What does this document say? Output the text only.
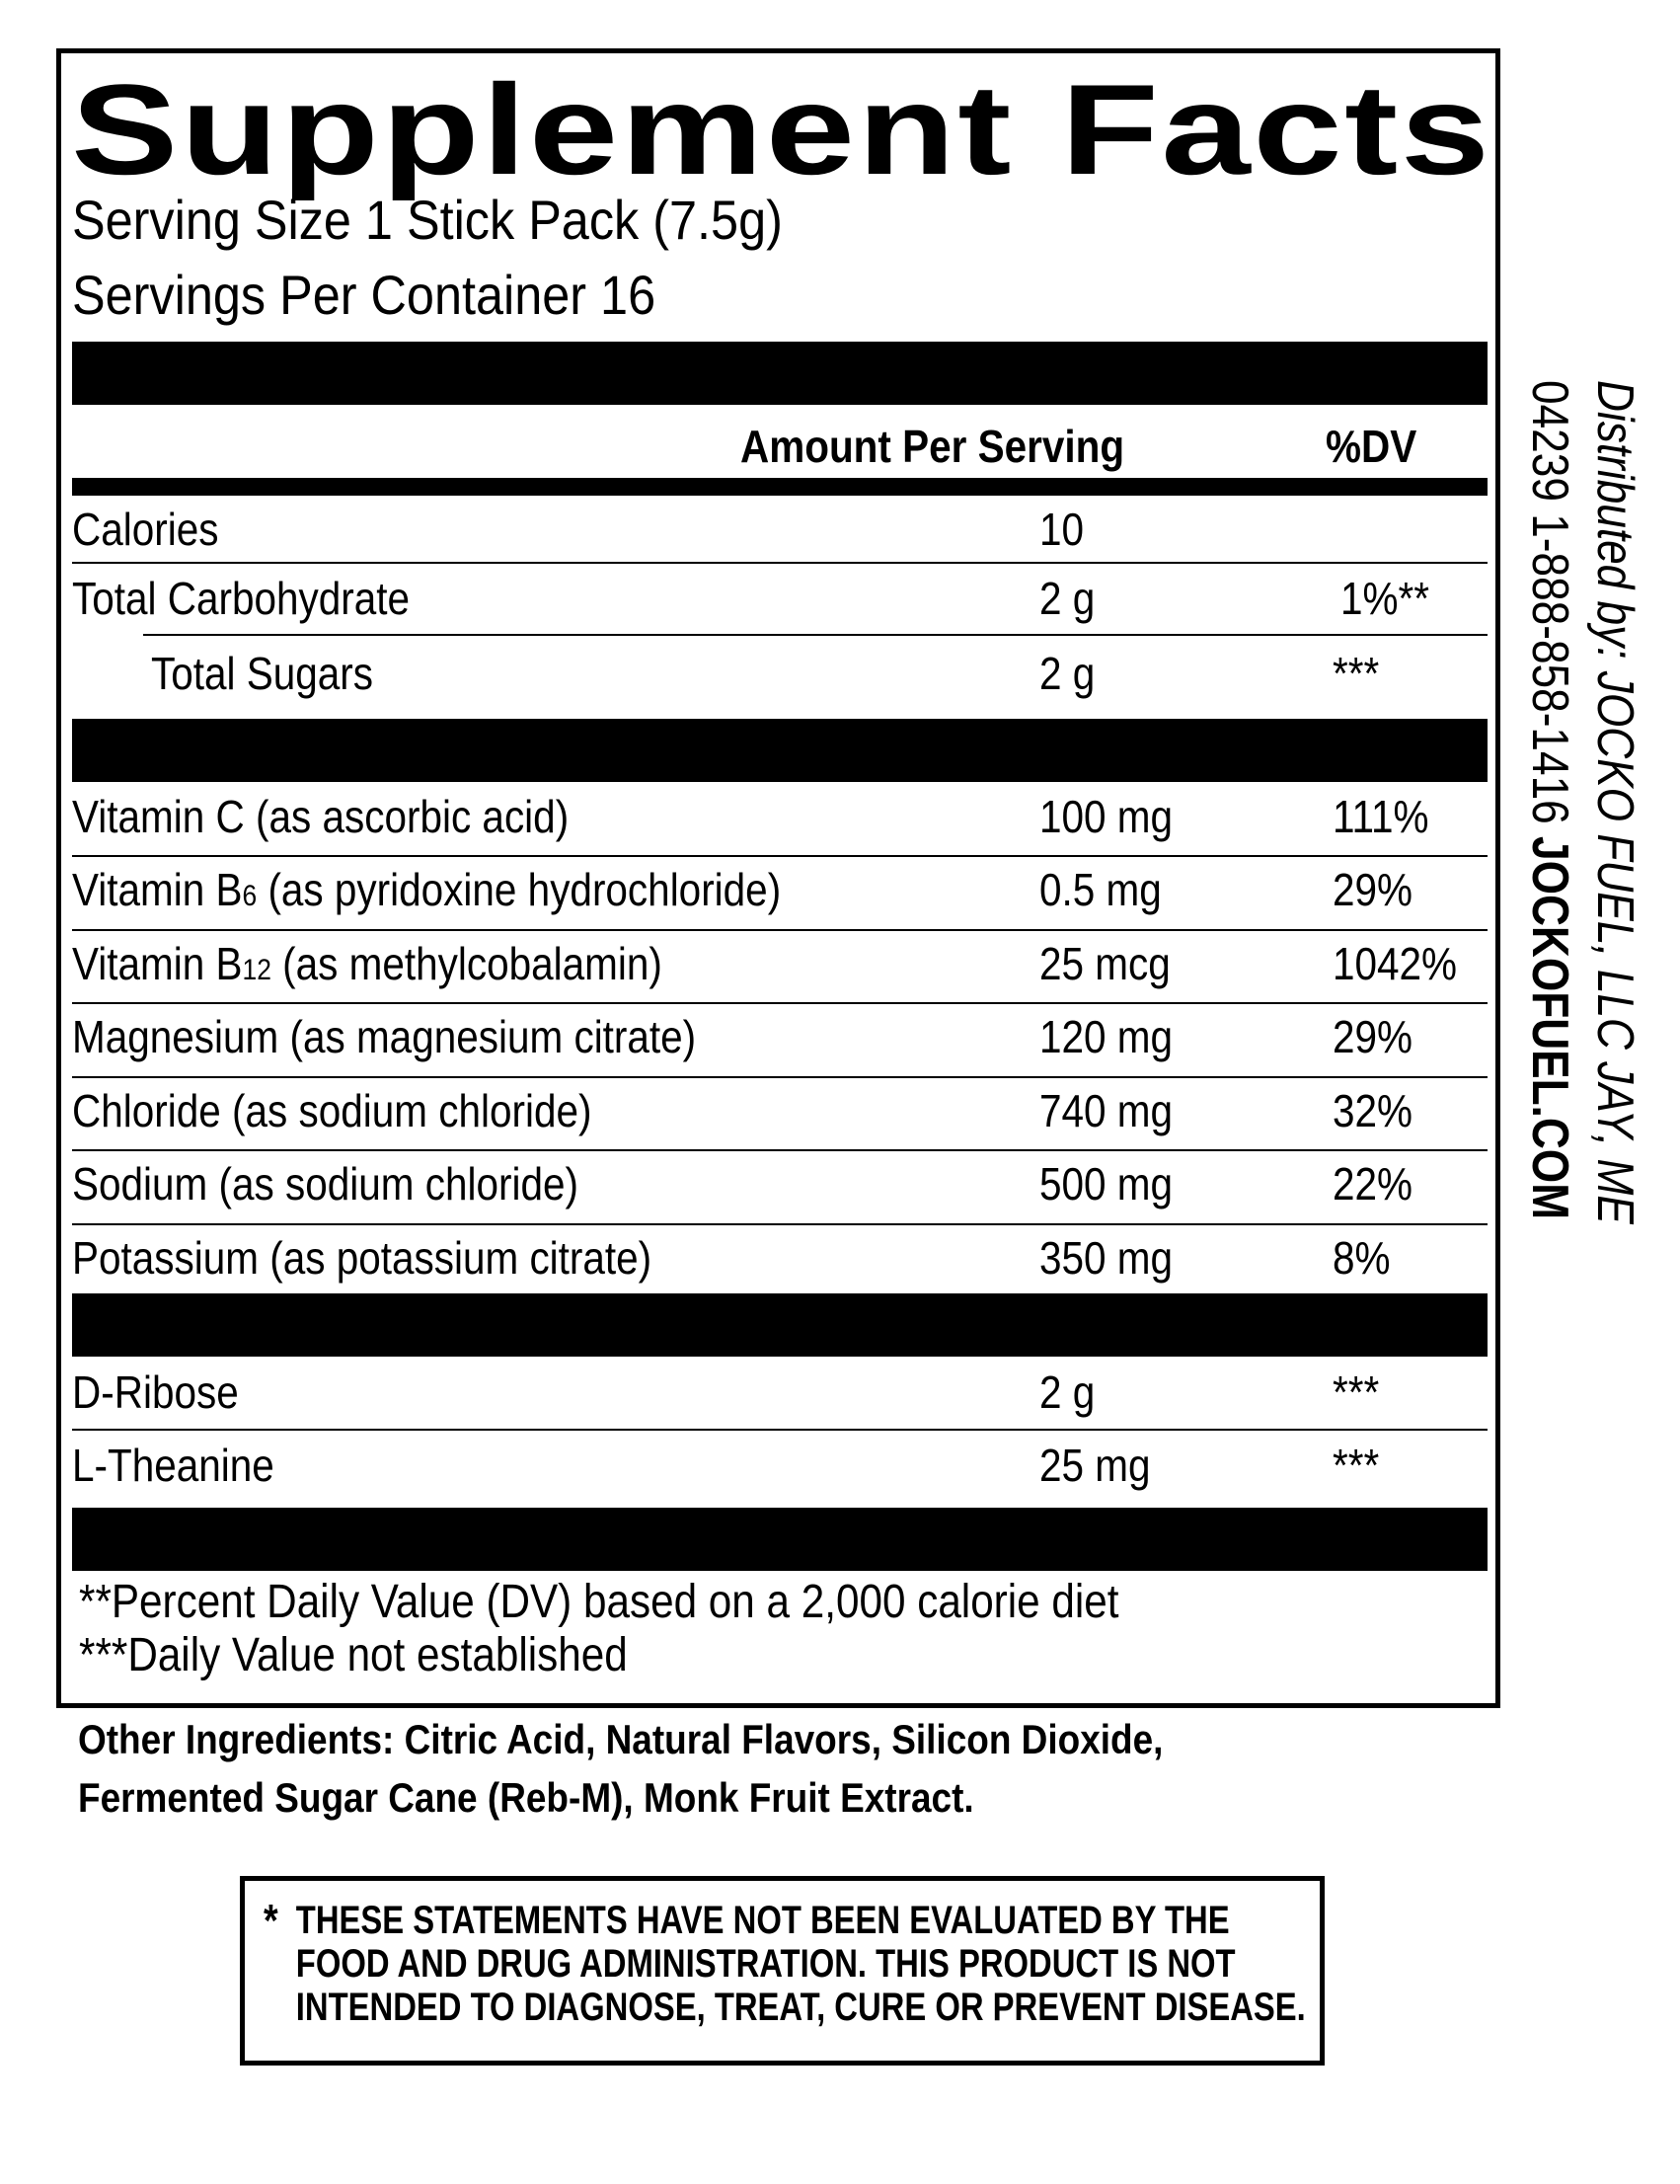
Supplement Facts
Serving Size 1 Stick Pack (7.5g)
Servings Per Container 16
Amount Per Serving	%DV
Calories	10
Total Carbohydrate	2 g	1%**
Total Sugars	2 g	***
Vitamin C (as ascorbic acid)	100 mg	111%
Vitamin B6 (as pyridoxine hydrochloride)	0.5 mg	29%
Vitamin B12 (as methylcobalamin)	25 mcg	1042%
Magnesium (as magnesium citrate)	120 mg	29%
Chloride (as sodium chloride)	740 mg	32%
Sodium (as sodium chloride)	500 mg	22%
Potassium (as potassium citrate)	350 mg	8%
D-Ribose	2 g	***
L-Theanine	25 mg	***
**Percent Daily Value (DV) based on a 2,000 calorie diet
***Daily Value not established
Other Ingredients: Citric Acid, Natural Flavors, Silicon Dioxide,
Fermented Sugar Cane (Reb-M), Monk Fruit Extract.
* THESE STATEMENTS HAVE NOT BEEN EVALUATED BY THE
FOOD AND DRUG ADMINISTRATION. THIS PRODUCT IS NOT
INTENDED TO DIAGNOSE, TREAT, CURE OR PREVENT DISEASE.
Distributed by: JOCKO FUEL, LLC JAY, ME
04239 1-888-858-1416 JOCKOFUEL.COM
